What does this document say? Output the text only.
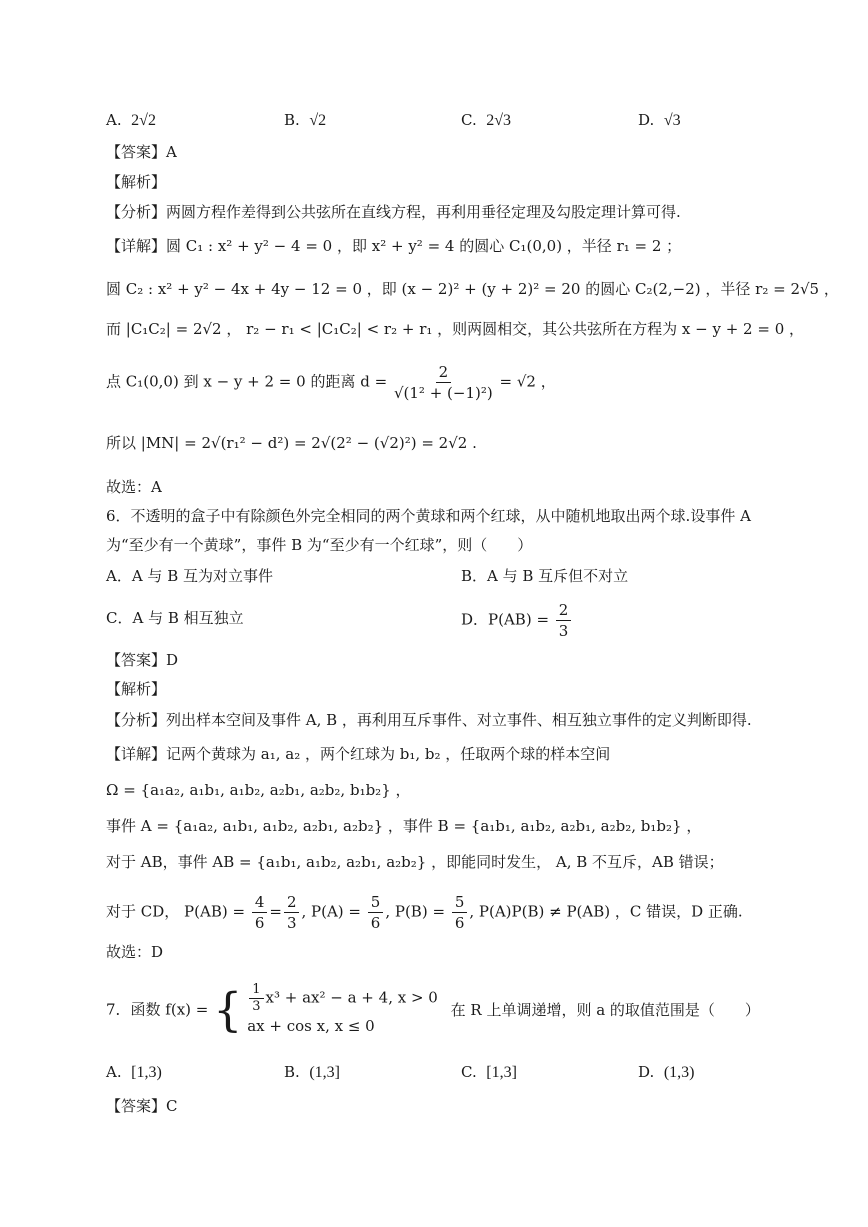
A. 2√2	B. √2	C. 2√3	D. √3
【答案】A
【解析】
【分析】两圆方程作差得到公共弦所在直线方程，再利用垂径定理及勾股定理计算可得.
【详解】圆 C₁ : x² + y² − 4 = 0 ，即 x² + y² = 4 的圆心 C₁(0,0) ，半径 r₁ = 2 ；
圆 C₂ : x² + y² − 4x + 4y − 12 = 0 ，即 (x − 2)² + (y + 2)² = 20 的圆心 C₂(2,−2) ，半径 r₂ = 2√5 ，
而 |C₁C₂| = 2√2 ， r₂ − r₁ < |C₁C₂| < r₂ + r₁ ，则两圆相交，其公共弦所在方程为 x − y + 2 = 0 ，
点 C₁(0,0) 到 x − y + 2 = 0 的距离 $d = \frac{2}{\text{√(1² + (−1)²)}} = √2$ ，
所以 |MN| = 2√(r₁² − d²) = 2√(2² − (√2)²) = 2√2 .
故选：A
6．不透明的盒子中有除颜色外完全相同的两个黄球和两个红球，从中随机地取出两个球.设事件 A
为“至少有一个黄球”，事件 B 为“至少有一个红球”，则（　　）
A．A 与 B 互为对立事件	B．A 与 B 互斥但不对立
C．A 与 B 相互独立	D．$P(AB) = \frac{2}{3}$
【答案】D
【解析】
【分析】列出样本空间及事件 A, B ，再利用互斥事件、对立事件、相互独立事件的定义判断即得.
【详解】记两个黄球为 a₁, a₂ ，两个红球为 b₁, b₂ ，任取两个球的样本空间
Ω = {a₁a₂, a₁b₁, a₁b₂, a₂b₁, a₂b₂, b₁b₂} ，
事件 A = {a₁a₂, a₁b₁, a₁b₂, a₂b₁, a₂b₂} ，事件 B = {a₁b₁, a₁b₂, a₂b₁, a₂b₂, b₁b₂} ，
对于 AB，事件 AB = {a₁b₁, a₁b₂, a₂b₁, a₂b₂} ，即能同时发生， A, B 不互斥，AB 错误；
对于 CD， $P(AB) = \frac{4}{6} = \frac{2}{3}$ , $P(A) = \frac{5}{6}$ , $P(B) = \frac{5}{6}$ , P(A)P(B) ≠ P(AB) ，C 错误，D 正确.
故选：D
7．函数 f(x) = { $\frac{1}{3} x^3 + ax^2 - a + 4$, x > 0
ax + cos x, x ≤ 0
在 R 上单调递增，则 a 的取值范围是（　　）
A. [1,3)	B. (1,3]	C. [1,3]	D. (1,3)
【答案】C
